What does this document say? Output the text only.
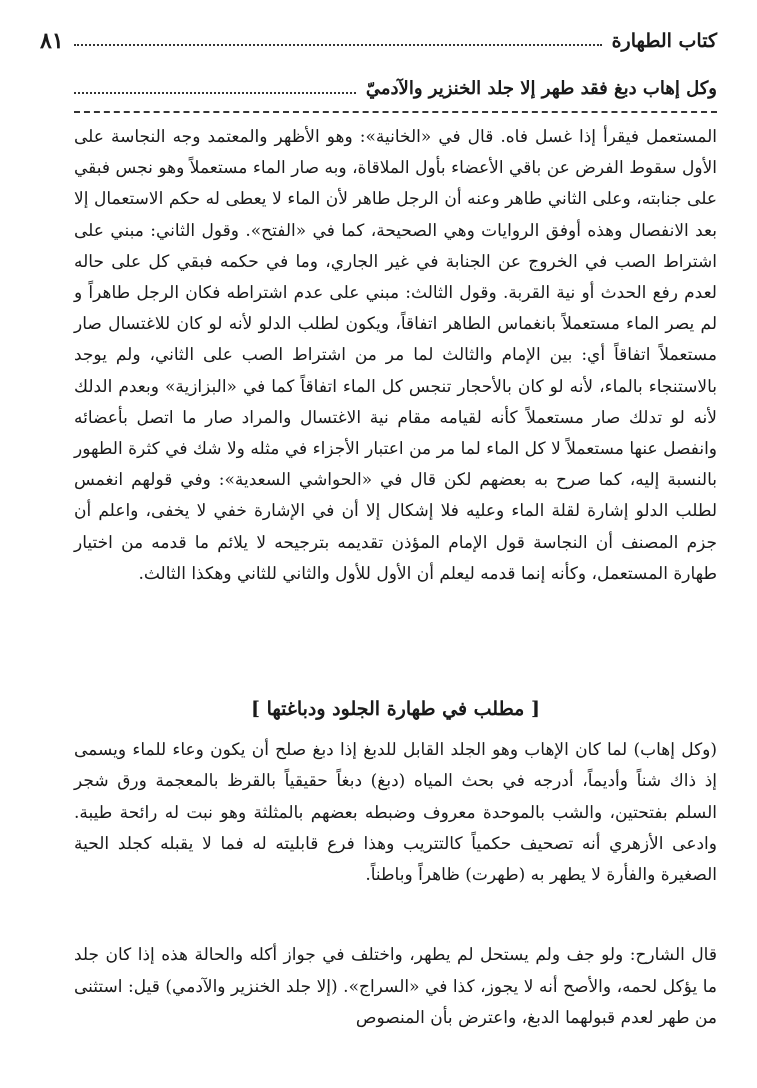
كتاب الطهارة
٨١
وكل إهاب دبغ فقد طهر إلا جلد الخنزير والآدميّ

المستعمل فيقرأ إذا غسل فاه. قال في «الخانية»: وهو الأظهر والمعتمد وجه النجاسة على الأول سقوط الفرض عن باقي الأعضاء بأول الملاقاة، وبه صار الماء مستعملاً وهو نجس فبقي على جنابته، وعلى الثاني طاهر وعنه أن الرجل طاهر لأن الماء لا يعطى له حكم الاستعمال إلا بعد الانفصال وهذه أوفق الروايات وهي الصحيحة، كما في «الفتح». وقول الثاني: مبني على اشتراط الصب في الخروج عن الجنابة في غير الجاري، وما في حكمه فبقي كل على حاله لعدم رفع الحدث أو نية القربة. وقول الثالث: مبني على عدم اشتراطه فكان الرجل طاهراً و لم يصر الماء مستعملاً بانغماس الطاهر اتفاقاً، ويكون لطلب الدلو لأنه لو كان للاغتسال صار مستعملاً اتفاقاً أي: بين الإمام والثالث لما مر من اشتراط الصب على الثاني، ولم يوجد بالاستنجاء بالماء، لأنه لو كان بالأحجار تنجس كل الماء اتفاقاً كما في «البزازية» وبعدم الدلك لأنه لو تدلك صار مستعملاً كأنه لقيامه مقام نية الاغتسال والمراد صار ما اتصل بأعضائه وانفصل عنها مستعملاً لا كل الماء لما مر من اعتبار الأجزاء في مثله ولا شك في كثرة الطهور بالنسبة إليه، كما صرح به بعضهم لكن قال في «الحواشي السعدية»: وفي قولهم انغمس لطلب الدلو إشارة لقلة الماء وعليه فلا إشكال إلا أن في الإشارة خفي لا يخفى، واعلم أن جزم المصنف أن النجاسة قول الإمام المؤذن تقديمه بترجيحه لا يلائم ما قدمه من اختيار طهارة المستعمل، وكأنه إنما قدمه ليعلم أن الأول للأول والثاني للثاني وهكذا الثالث.

[ مطلب في طهارة الجلود ودباغتها ]

(وكل إهاب) لما كان الإهاب وهو الجلد القابل للدبغ إذا دبغ صلح أن يكون وعاء للماء ويسمى إذ ذاك شناً وأديماً، أدرجه في بحث المياه (دبغ) دبغاً حقيقياً بالقرظ بالمعجمة ورق شجر السلم بفتحتين، والشب بالموحدة معروف وضبطه بعضهم بالمثلثة وهو نبت له رائحة طيبة. وادعى الأزهري أنه تصحيف حكمياً كالتتريب وهذا فرع قابليته له فما لا يقبله كجلد الحية الصغيرة والفأرة لا يطهر به (طهرت) ظاهراً وباطناً.

قال الشارح: ولو جف ولم يستحل لم يطهر، واختلف في جواز أكله والحالة هذه إذا كان جلد ما يؤكل لحمه، والأصح أنه لا يجوز، كذا في «السراج». (إلا جلد الخنزير والآدمي) قيل: استثنى من طهر لعدم قبولهما الدبغ، واعترض بأن المنصوص
